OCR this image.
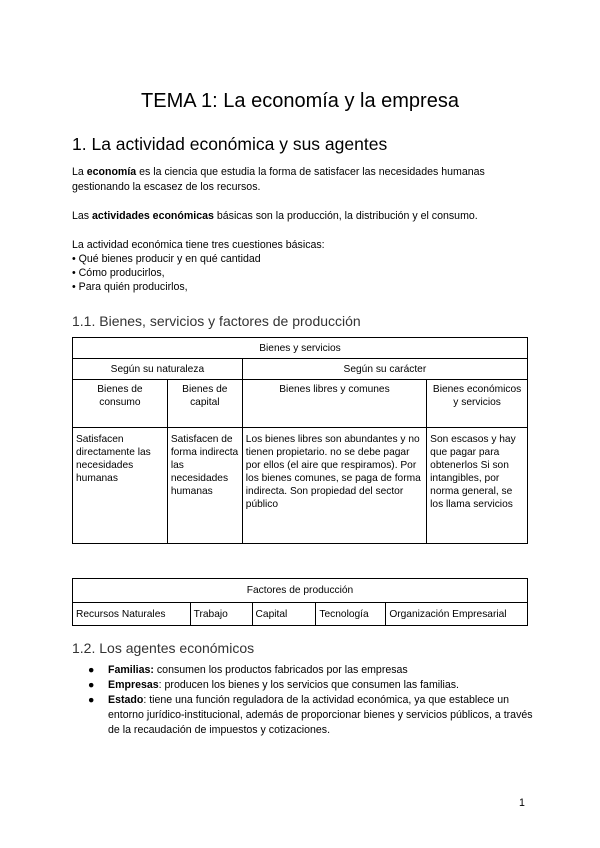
TEMA 1: La economía y la empresa
1. La actividad económica y sus agentes
La economía es la ciencia que estudia la forma de satisfacer las necesidades humanas gestionando la escasez de los recursos.
Las actividades económicas básicas son la producción, la distribución y el consumo.
La actividad económica tiene tres cuestiones básicas:
• Qué bienes producir y en qué cantidad
• Cómo producirlos,
• Para quién producirlos,
1.1. Bienes, servicios y factores de producción
Bienes y servicios			
Según su naturaleza		Según su carácter	
Bienes de consumo	Bienes de capital	Bienes libres y comunes	Bienes económicos y servicios
Satisfacen directamente las necesidades humanas	Satisfacen de forma indirecta las necesidades humanas	Los bienes libres son abundantes y no tienen propietario. no se debe pagar por ellos (el aire que respiramos). Por los bienes comunes, se paga de forma indirecta. Son propiedad del sector público	Son escasos y hay que pagar para obtenerlos Si son intangibles, por norma general, se los llama servicios
Factores de producción
Recursos Naturales	Trabajo	Capital	Tecnología	Organización Empresarial
1.2. Los agentes económicos
● Familias: consumen los productos fabricados por las empresas
● Empresas: producen los bienes y los servicios que consumen las familias.
● Estado: tiene una función reguladora de la actividad económica, ya que establece un entorno jurídico-institucional, además de proporcionar bienes y servicios públicos, a través de la recaudación de impuestos y cotizaciones.
1
